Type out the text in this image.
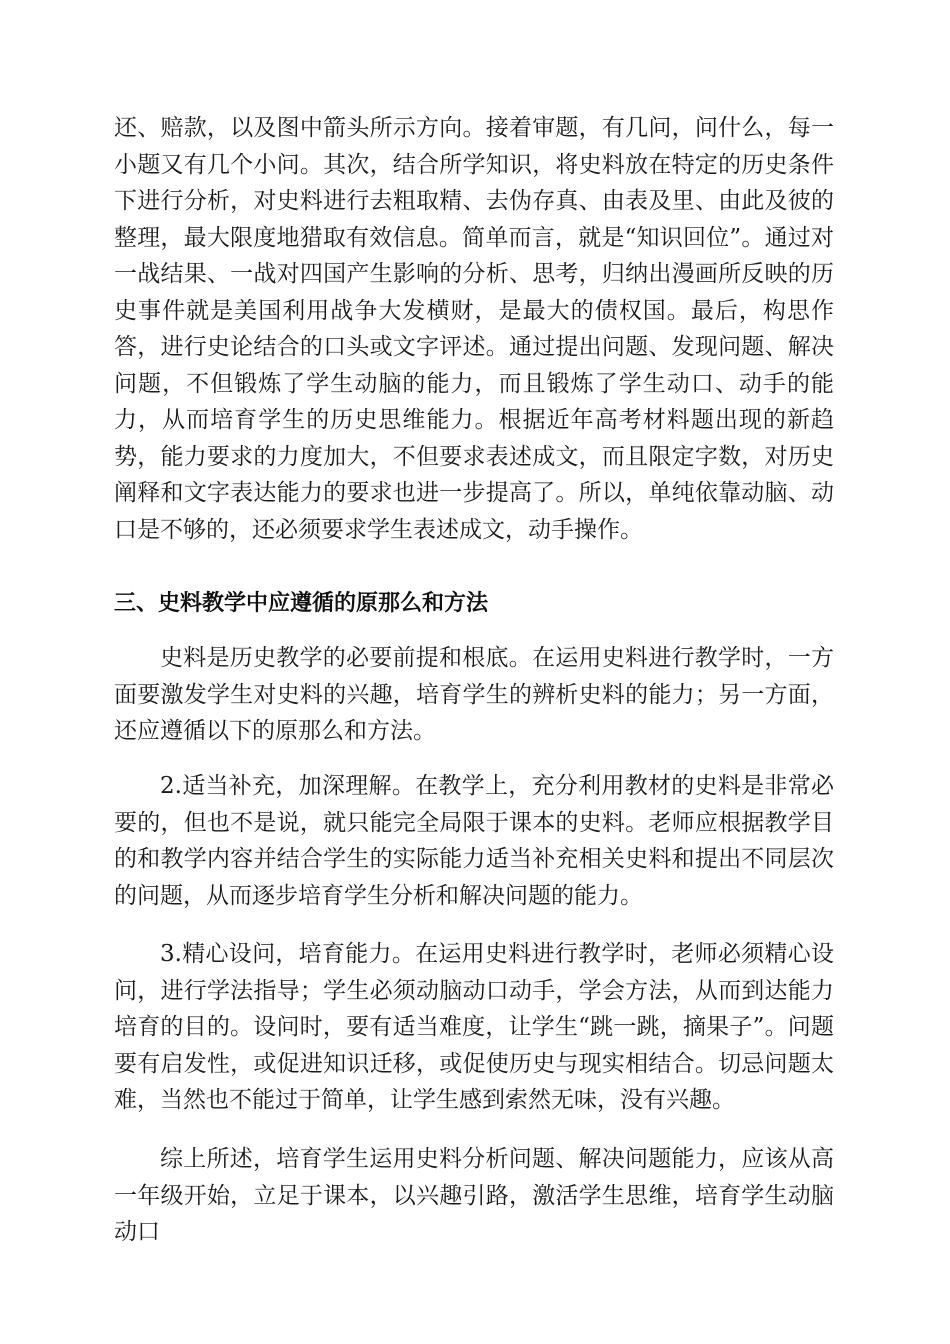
还、赔款，以及图中箭头所示方向。接着审题，有几问，问什么，每一小题又有几个小问。其次，结合所学知识，将史料放在特定的历史条件下进行分析，对史料进行去粗取精、去伪存真、由表及里、由此及彼的整理，最大限度地猎取有效信息。简单而言，就是“知识回位”。通过对一战结果、一战对四国产生影响的分析、思考，归纳出漫画所反映的历史事件就是美国利用战争大发横财，是最大的债权国。最后，构思作答，进行史论结合的口头或文字评述。通过提出问题、发现问题、解决问题，不但锻炼了学生动脑的能力，而且锻炼了学生动口、动手的能力，从而培育学生的历史思维能力。根据近年高考材料题出现的新趋势，能力要求的力度加大，不但要求表述成文，而且限定字数，对历史阐释和文字表达能力的要求也进一步提高了。所以，单纯依靠动脑、动口是不够的，还必须要求学生表述成文，动手操作。

三、史料教学中应遵循的原那么和方法

史料是历史教学的必要前提和根底。在运用史料进行教学时，一方面要激发学生对史料的兴趣，培育学生的辨析史料的能力；另一方面，还应遵循以下的原那么和方法。

2.适当补充，加深理解。在教学上，充分利用教材的史料是非常必要的，但也不是说，就只能完全局限于课本的史料。老师应根据教学目的和教学内容并结合学生的实际能力适当补充相关史料和提出不同层次的问题，从而逐步培育学生分析和解决问题的能力。

3.精心设问，培育能力。在运用史料进行教学时，老师必须精心设问，进行学法指导；学生必须动脑动口动手，学会方法，从而到达能力培育的目的。设问时，要有适当难度，让学生“跳一跳，摘果子”。问题要有启发性，或促进知识迁移，或促使历史与现实相结合。切忌问题太难，当然也不能过于简单，让学生感到索然无味，没有兴趣。

综上所述，培育学生运用史料分析问题、解决问题能力，应该从高一年级开始，立足于课本，以兴趣引路，激活学生思维，培育学生动脑动口
